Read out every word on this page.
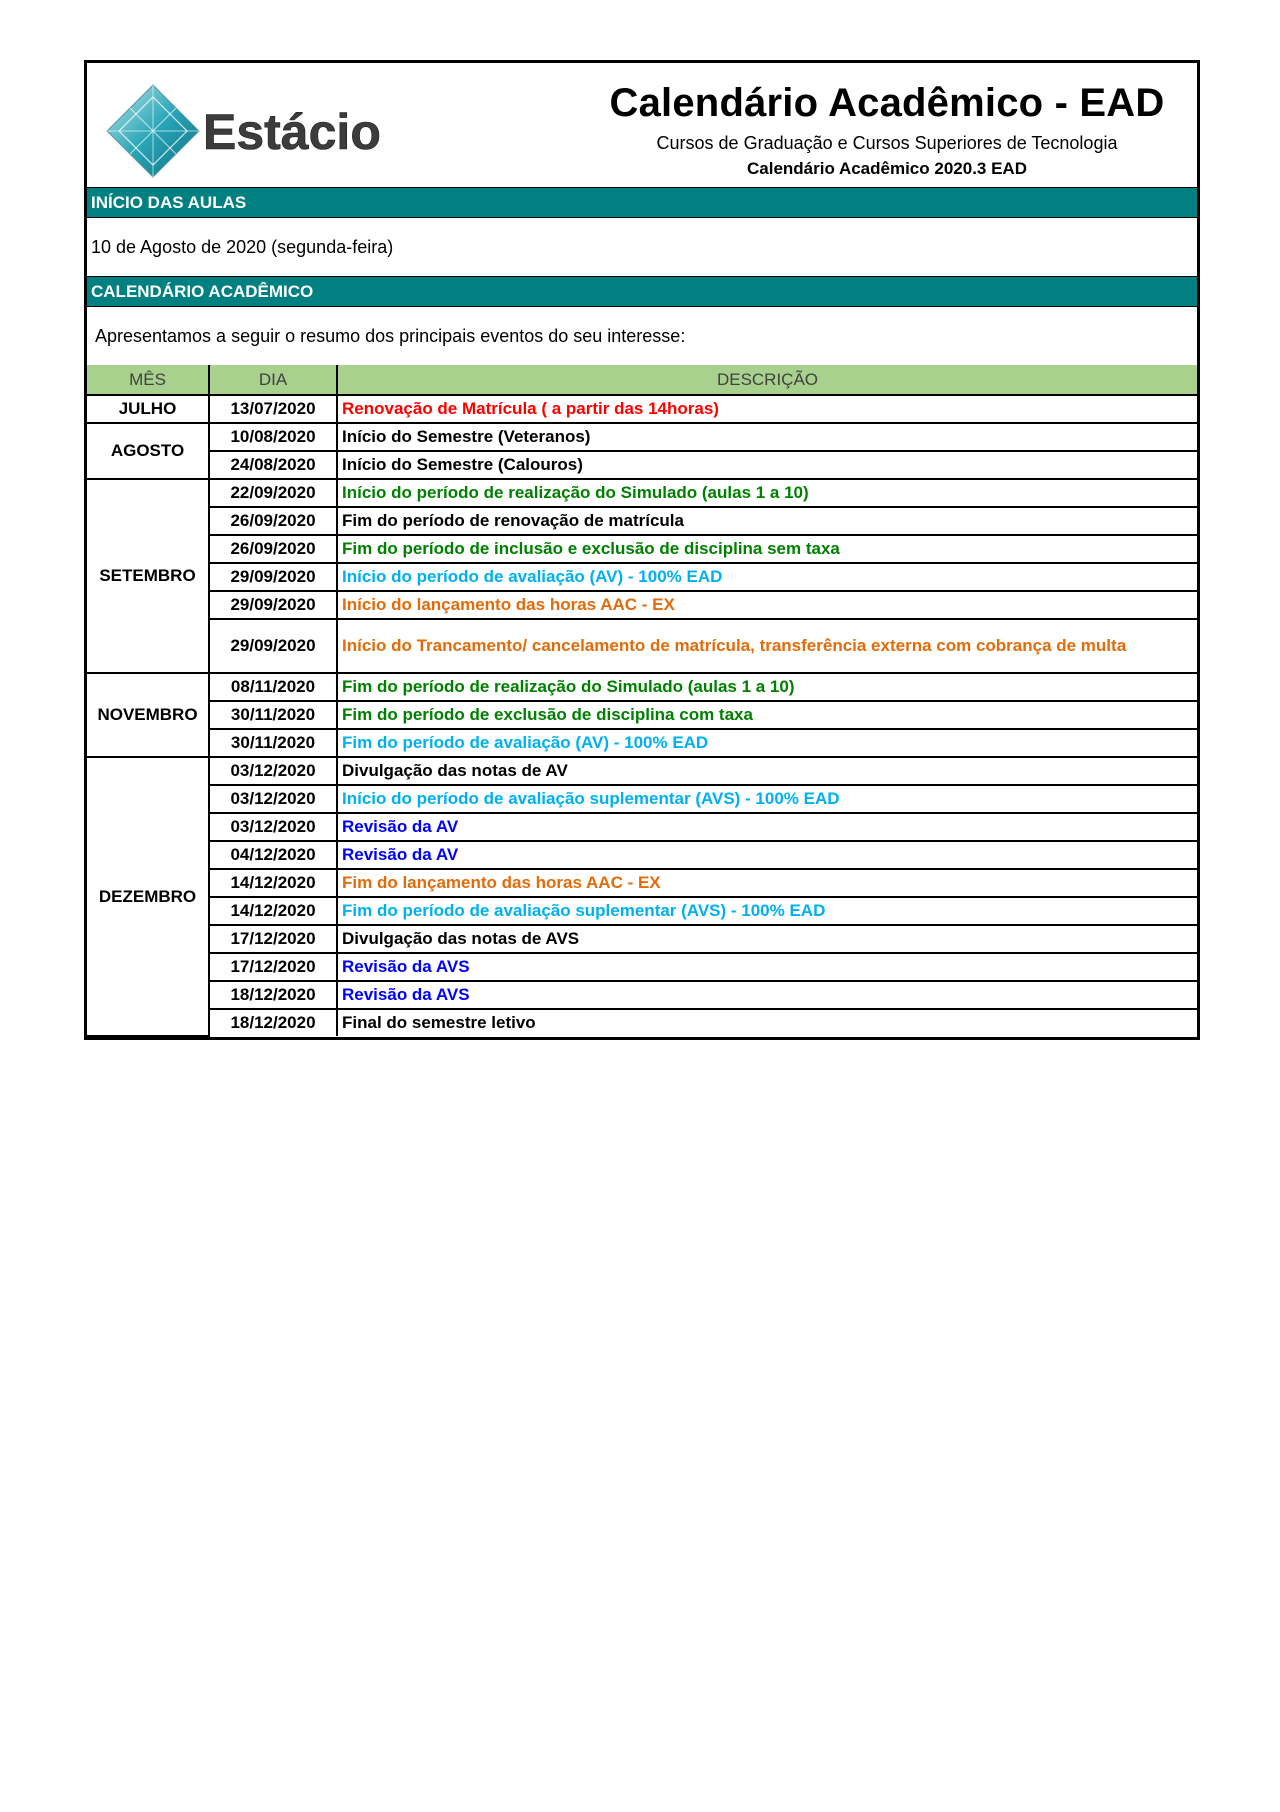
Estácio
Calendário Acadêmico - EAD
Cursos de Graduação e Cursos Superiores de Tecnologia
Calendário Acadêmico 2020.3 EAD
INÍCIO DAS AULAS
10 de Agosto de 2020 (segunda-feira)
CALENDÁRIO ACADÊMICO
Apresentamos a seguir o resumo dos principais eventos do seu interesse:
MÊS	DIA	DESCRIÇÃO
JULHO	13/07/2020	Renovação de Matrícula ( a partir das 14horas)
AGOSTO	10/08/2020	Início do Semestre (Veteranos)
	24/08/2020	Início do Semestre (Calouros)
SETEMBRO	22/09/2020	Início do período de realização do Simulado (aulas 1 a 10)
	26/09/2020	Fim do período de renovação de matrícula
	26/09/2020	Fim do período de inclusão e exclusão de disciplina sem taxa
	29/09/2020	Início do período de avaliação (AV) - 100% EAD
	29/09/2020	Início do lançamento das horas AAC - EX
	29/09/2020	Início do Trancamento/ cancelamento de matrícula, transferência externa com cobrança de multa
NOVEMBRO	08/11/2020	Fim do período de realização do Simulado (aulas 1 a 10)
	30/11/2020	Fim do período de exclusão de disciplina com taxa
	30/11/2020	Fim do período de avaliação (AV) - 100% EAD
DEZEMBRO	03/12/2020	Divulgação das notas de AV
	03/12/2020	Início do período de avaliação suplementar (AVS) - 100% EAD
	03/12/2020	Revisão da AV
	04/12/2020	Revisão da AV
	14/12/2020	Fim do lançamento das horas AAC - EX
	14/12/2020	Fim do período de avaliação suplementar (AVS) - 100% EAD
	17/12/2020	Divulgação das notas de AVS
	17/12/2020	Revisão da AVS
	18/12/2020	Revisão da AVS
	18/12/2020	Final do semestre letivo
